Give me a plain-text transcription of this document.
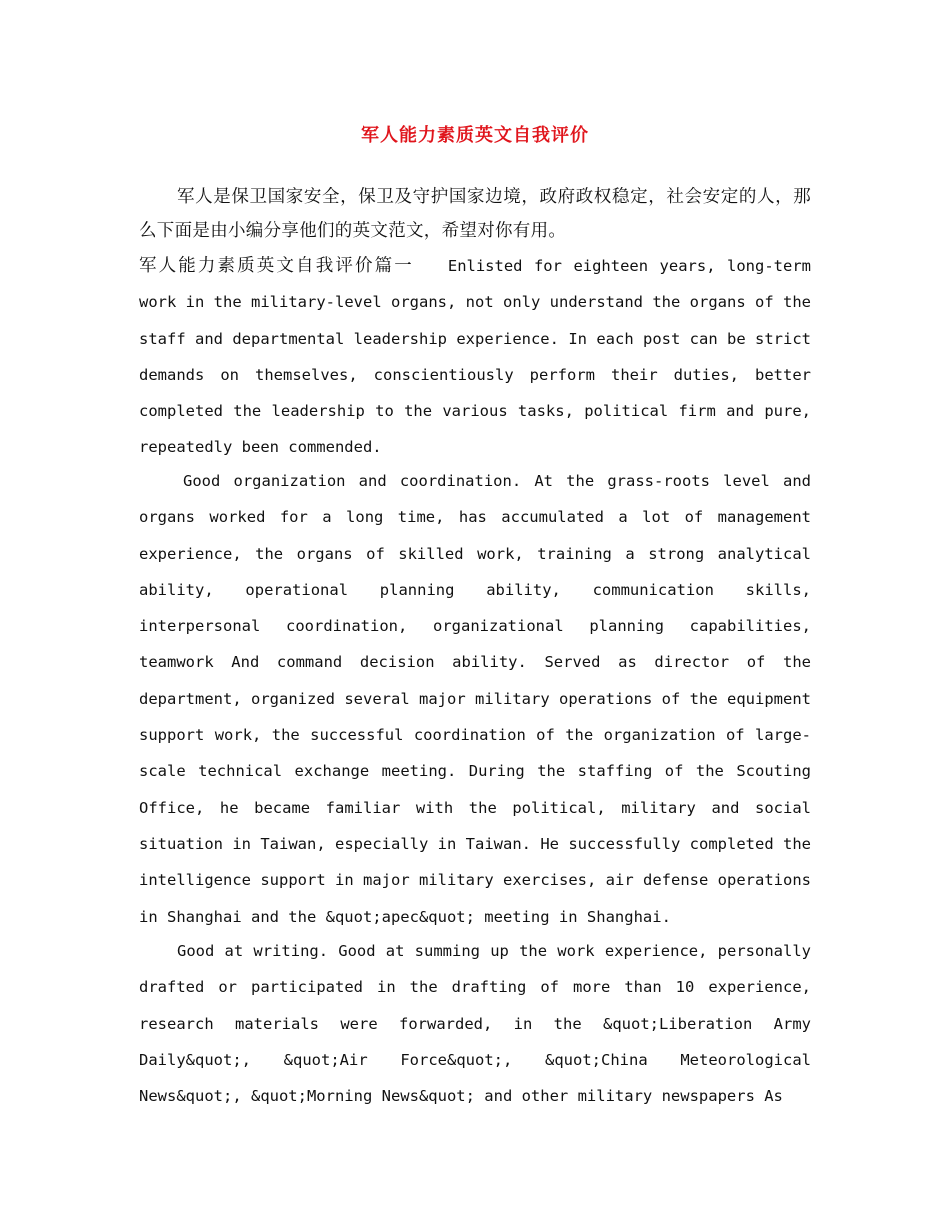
军人能力素质英文自我评价
军人是保卫国家安全，保卫及守护国家边境，政府政权稳定，社会安定的人，那么下面是由小编分享他们的英文范文，希望对你有用。
军人能力素质英文自我评价篇一 Enlisted for eighteen years, long-term work in the military-level organs, not only understand the organs of the staff and departmental leadership experience. In each post can be strict demands on themselves, conscientiously perform their duties, better completed the leadership to the various tasks, political firm and pure, repeatedly been commended.

Good organization and coordination. At the grass-roots level and organs worked for a long time, has accumulated a lot of management experience, the organs of skilled work, training a strong analytical ability, operational planning ability, communication skills, interpersonal coordination, organizational planning capabilities, teamwork And command decision ability. Served as director of the department, organized several major military operations of the equipment support work, the successful coordination of the organization of large-scale technical exchange meeting. During the staffing of the Scouting Office, he became familiar with the political, military and social situation in Taiwan, especially in Taiwan. He successfully completed the intelligence support in major military exercises, air defense operations in Shanghai and the &quot;apec&quot; meeting in Shanghai.

Good at writing. Good at summing up the work experience, personally drafted or participated in the drafting of more than 10 experience, research materials were forwarded, in the &quot;Liberation Army Daily&quot;, &quot;Air Force&quot;, &quot;China Meteorological News&quot;, &quot;Morning News&quot; and other military newspapers As
